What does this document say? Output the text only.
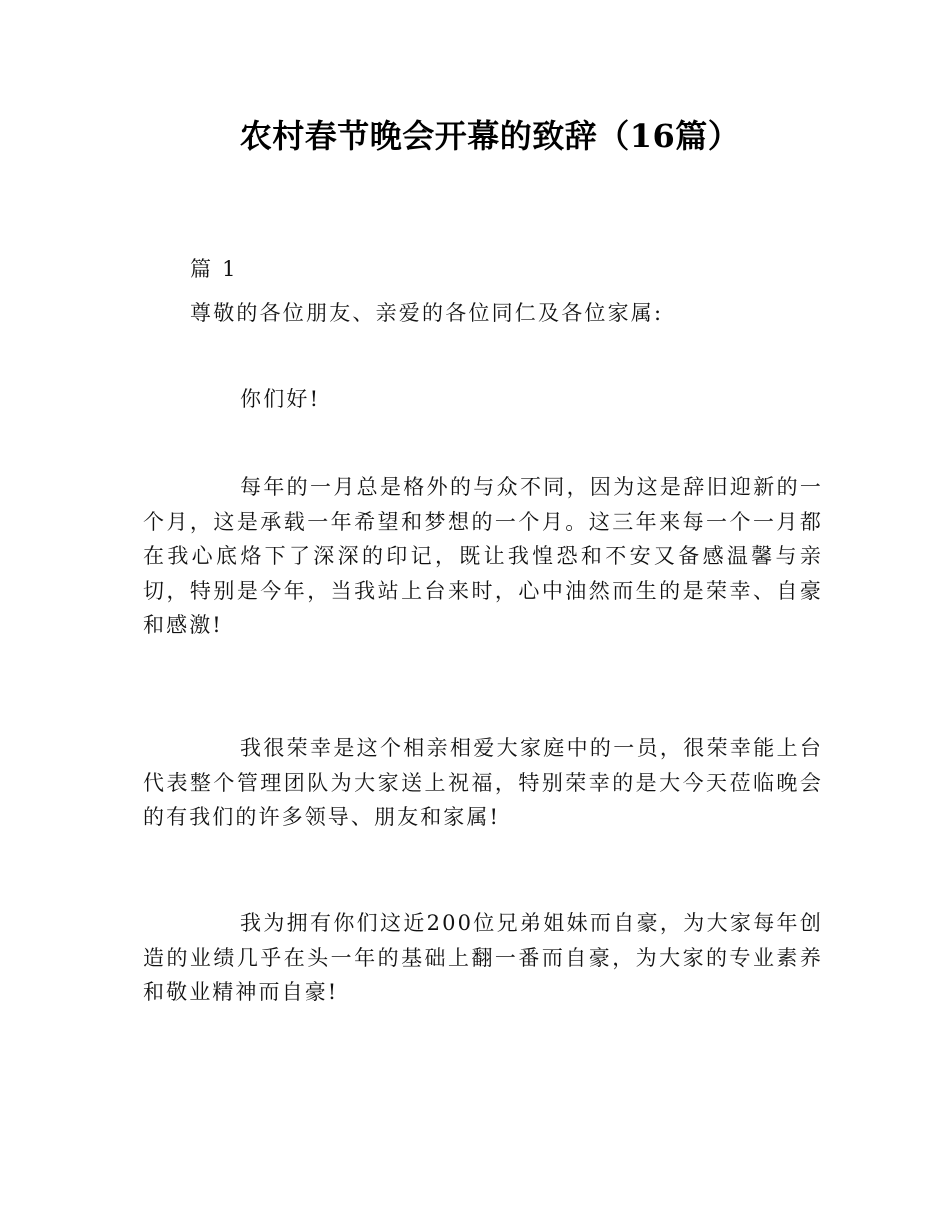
农村春节晚会开幕的致辞（16篇）
篇 1
尊敬的各位朋友、亲爱的各位同仁及各位家属:
你们好!

每年的一月总是格外的与众不同，因为这是辞旧迎新的一个月，这是承载一年希望和梦想的一个月。这三年来每一个一月都在我心底烙下了深深的印记，既让我惶恐和不安又备感温馨与亲切，特别是今年，当我站上台来时，心中油然而生的是荣幸、自豪和感激!

我很荣幸是这个相亲相爱大家庭中的一员，很荣幸能上台代表整个管理团队为大家送上祝福，特别荣幸的是大今天莅临晚会的有我们的许多领导、朋友和家属!

我为拥有你们这近200位兄弟姐妹而自豪，为大家每年创造的业绩几乎在头一年的基础上翻一番而自豪，为大家的专业素养和敬业精神而自豪!
